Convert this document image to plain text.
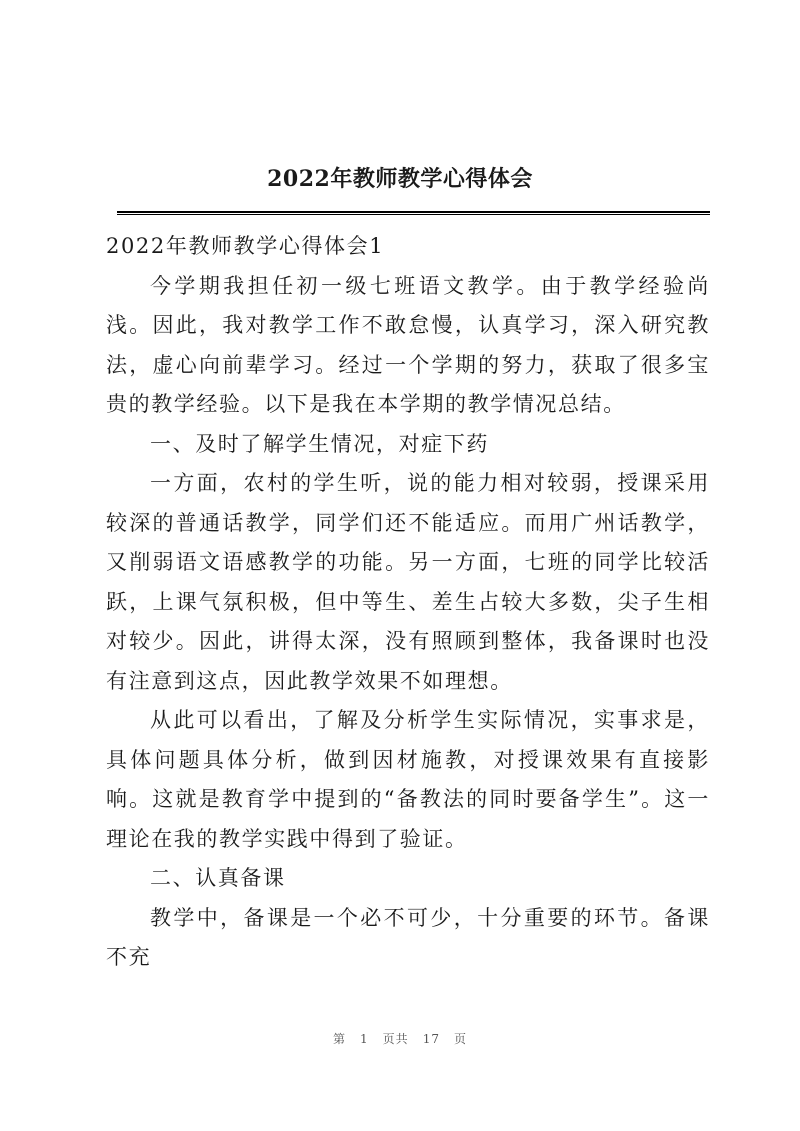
2022年教师教学心得体会

2022年教师教学心得体会1

今学期我担任初一级七班语文教学。由于教学经验尚浅。因此，我对教学工作不敢怠慢，认真学习，深入研究教法，虚心向前辈学习。经过一个学期的努力，获取了很多宝贵的教学经验。以下是我在本学期的教学情况总结。

一、及时了解学生情况，对症下药

一方面，农村的学生听，说的能力相对较弱，授课采用较深的普通话教学，同学们还不能适应。而用广州话教学，又削弱语文语感教学的功能。另一方面，七班的同学比较活跃，上课气氛积极，但中等生、差生占较大多数，尖子生相对较少。因此，讲得太深，没有照顾到整体，我备课时也没有注意到这点，因此教学效果不如理想。

从此可以看出，了解及分析学生实际情况，实事求是，具体问题具体分析，做到因材施教，对授课效果有直接影响。这就是教育学中提到的“备教法的同时要备学生”。这一理论在我的教学实践中得到了验证。

二、认真备课

教学中，备课是一个必不可少，十分重要的环节。备课不充

第 1 页共 17 页
